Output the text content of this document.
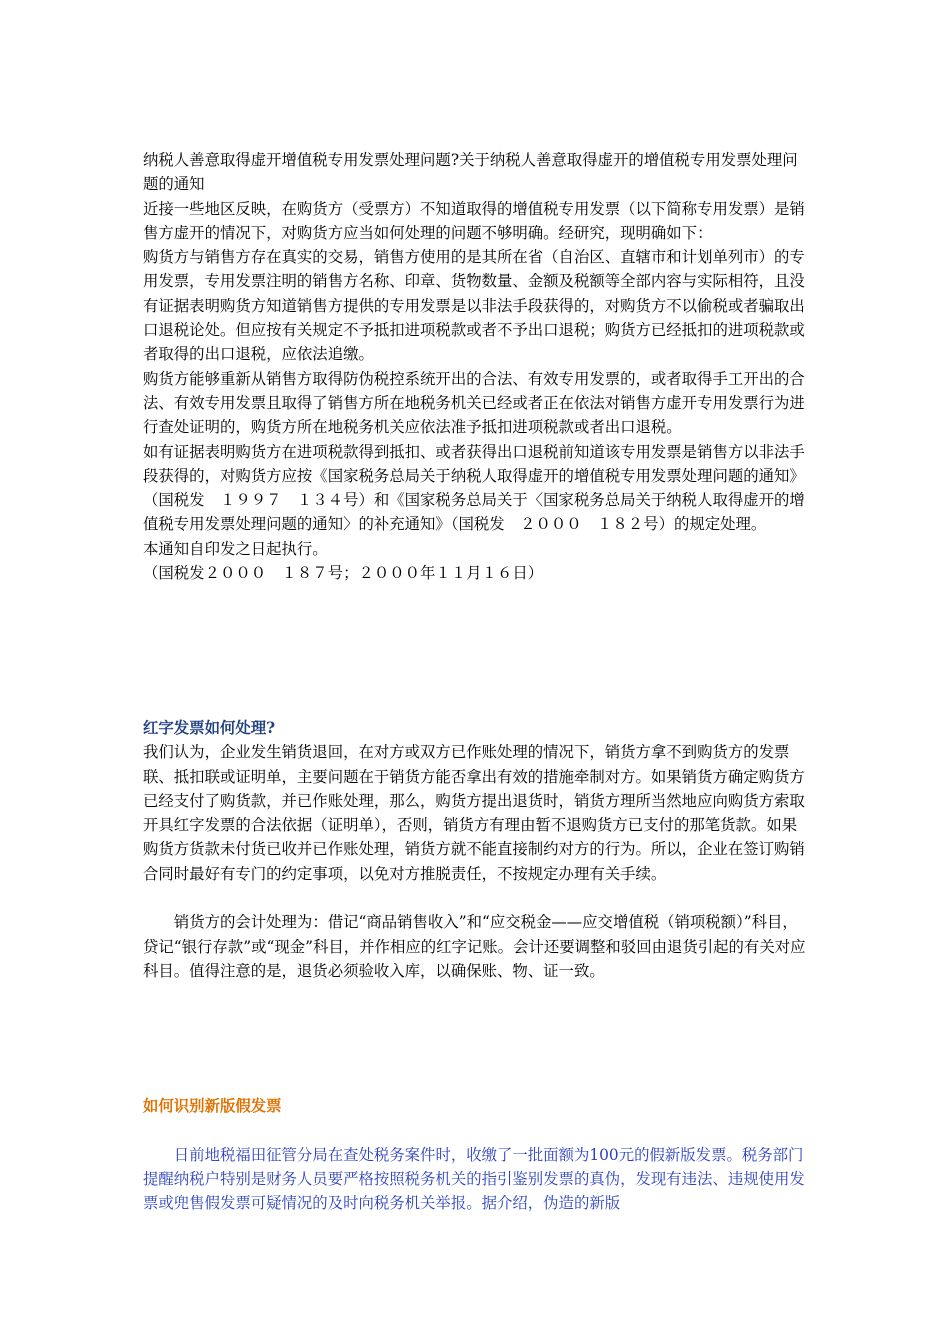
纳税人善意取得虚开增值税专用发票处理问题?关于纳税人善意取得虚开的增值税专用发票处理问题的通知

近接一些地区反映，在购货方（受票方）不知道取得的增值税专用发票（以下简称专用发票）是销售方虚开的情况下，对购货方应当如何处理的问题不够明确。经研究，现明确如下：

购货方与销售方存在真实的交易，销售方使用的是其所在省（自治区、直辖市和计划单列市）的专用发票，专用发票注明的销售方名称、印章、货物数量、金额及税额等全部内容与实际相符，且没有证据表明购货方知道销售方提供的专用发票是以非法手段获得的，对购货方不以偷税或者骗取出口退税论处。但应按有关规定不予抵扣进项税款或者不予出口退税；购货方已经抵扣的进项税款或者取得的出口退税，应依法追缴。

购货方能够重新从销售方取得防伪税控系统开出的合法、有效专用发票的，或者取得手工开出的合法、有效专用发票且取得了销售方所在地税务机关已经或者正在依法对销售方虚开专用发票行为进行查处证明的，购货方所在地税务机关应依法准予抵扣进项税款或者出口退税。

如有证据表明购货方在进项税款得到抵扣、或者获得出口退税前知道该专用发票是销售方以非法手段获得的，对购货方应按《国家税务总局关于纳税人取得虚开的增值税专用发票处理问题的通知》（国税发　１９９７　１３４号）和《国家税务总局关于〈国家税务总局关于纳税人取得虚开的增值税专用发票处理问题的通知〉的补充通知》（国税发　２０００　１８２号）的规定处理。

本通知自印发之日起执行。

（国税发２０００　１８７号；２０００年１１月１６日）

红字发票如何处理?

我们认为，企业发生销货退回，在对方或双方已作账处理的情况下，销货方拿不到购货方的发票联、抵扣联或证明单，主要问题在于销货方能否拿出有效的措施牵制对方。如果销货方确定购货方已经支付了购货款，并已作账处理，那么，购货方提出退货时，销货方理所当然地应向购货方索取开具红字发票的合法依据（证明单），否则，销货方有理由暂不退购货方已支付的那笔货款。如果购货方货款未付货已收并已作账处理，销货方就不能直接制约对方的行为。所以，企业在签订购销合同时最好有专门的约定事项，以免对方推脱责任，不按规定办理有关手续。

销货方的会计处理为：借记“商品销售收入”和“应交税金——应交增值税（销项税额）”科目，贷记“银行存款”或“现金”科目，并作相应的红字记账。会计还要调整和驳回由退货引起的有关对应科目。值得注意的是，退货必须验收入库，以确保账、物、证一致。

如何识别新版假发票

日前地税福田征管分局在查处税务案件时，收缴了一批面额为100元的假新版发票。税务部门提醒纳税户特别是财务人员要严格按照税务机关的指引鉴别发票的真伪，发现有违法、违规使用发票或兜售假发票可疑情况的及时向税务机关举报。据介绍，伪造的新版
